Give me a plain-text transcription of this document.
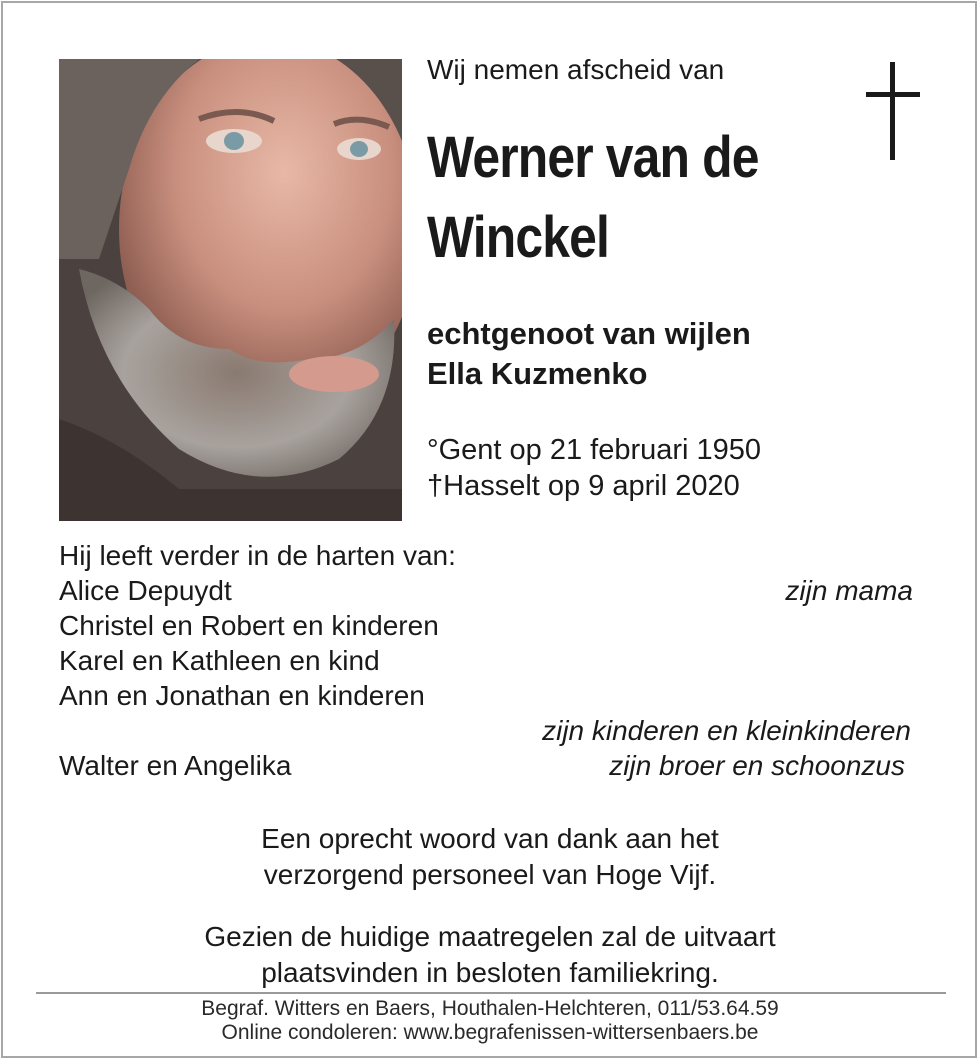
Wij nemen afscheid van
Werner van de
Winckel
echtgenoot van wijlen
Ella Kuzmenko
°Gent op 21 februari 1950
†Hasselt op 9 april 2020
Hij leeft verder in de harten van:
Alice Depuydt	zijn mama
Christel en Robert en kinderen
Karel en Kathleen en kind
Ann en Jonathan en kinderen
zijn kinderen en kleinkinderen
Walter en Angelika	zijn broer en schoonzus
Een oprecht woord van dank aan het
verzorgend personeel van Hoge Vijf.
Gezien de huidige maatregelen zal de uitvaart
plaatsvinden in besloten familiekring.
Begraf. Witters en Baers, Houthalen-Helchteren, 011/53.64.59
Online condoleren: www.begrafenissen-wittersenbaers.be
